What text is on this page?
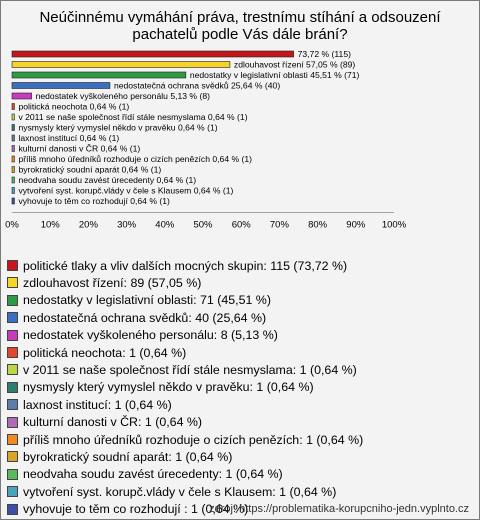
Neúčinnému vymáhání práva, trestnímu stíhání a odsouzení
pachatelů podle Vás dále brání?
73,72 % (115)
zdlouhavost řízení 57,05 % (89)
nedostatky v legislativní oblasti 45,51 % (71)
nedostatečná ochrana svědků 25,64 % (40)
nedostatek vyškoleného personálu 5,13 % (8)
politická neochota 0,64 % (1)
v 2011 se naše společnost řídí stále nesmyslama 0,64 % (1)
nysmysly který vymyslel někdo v pravěku 0,64 % (1)
laxnost institucí 0,64 % (1)
kulturní danosti v ČR 0,64 % (1)
příliš mnoho úředníků rozhoduje o cizích penězích 0,64 % (1)
byrokratický soudní aparát 0,64 % (1)
neodvaha soudu zavést úrecedenty 0,64 % (1)
vytvoření syst. korupč.vlády v čele s Klausem 0,64 % (1)
vyhovuje to těm co rozhodují 0,64 % (1)
0% 10% 20% 30% 40% 50% 60% 70% 80% 90% 100%
politické tlaky a vliv dalších mocných skupin: 115 (73,72 %)
zdlouhavost řízení: 89 (57,05 %)
nedostatky v legislativní oblasti: 71 (45,51 %)
nedostatečná ochrana svědků: 40 (25,64 %)
nedostatek vyškoleného personálu: 8 (5,13 %)
politická neochota: 1 (0,64 %)
v 2011 se naše společnost řídí stále nesmyslama: 1 (0,64 %)
nysmysly který vymyslel někdo v pravěku: 1 (0,64 %)
laxnost institucí: 1 (0,64 %)
kulturní danosti v ČR: 1 (0,64 %)
příliš mnoho úředníků rozhoduje o cizích penězích: 1 (0,64 %)
byrokratický soudní aparát: 1 (0,64 %)
neodvaha soudu zavést úrecedenty: 1 (0,64 %)
vytvoření syst. korupč.vlády v čele s Klausem: 1 (0,64 %)
vyhovuje to těm co rozhodují : 1 (0,64 %)
zdroj: https://problematika-korupcniho-jedn.vyplnto.cz
